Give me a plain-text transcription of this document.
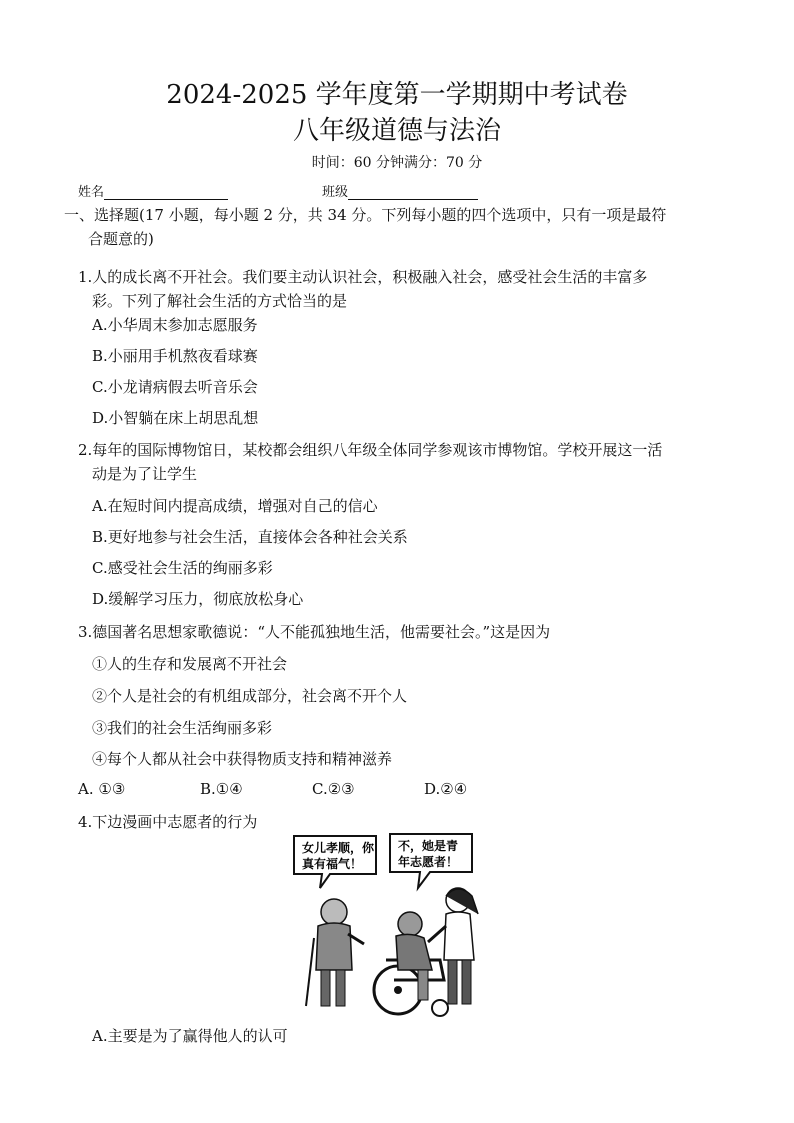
2024-2025 学年度第一学期期中考试卷
八年级道德与法治
时间：60 分钟满分：70 分
姓名	班级
一、选择题(17 小题，每小题 2 分，共 34 分。下列每小题的四个选项中，只有一项是最符
合题意的)
1.人的成长离不开社会。我们要主动认识社会，积极融入社会，感受社会生活的丰富多
彩。下列了解社会生活的方式恰当的是
A.小华周末参加志愿服务
B.小丽用手机熬夜看球赛
C.小龙请病假去听音乐会
D.小智躺在床上胡思乱想
2.每年的国际博物馆日，某校都会组织八年级全体同学参观该市博物馆。学校开展这一活
动是为了让学生
A.在短时间内提高成绩，增强对自己的信心
B.更好地参与社会生活，直接体会各种社会关系
C.感受社会生活的绚丽多彩
D.缓解学习压力，彻底放松身心
3.德国著名思想家歌德说：“人不能孤独地生活，他需要社会。”这是因为
①人的生存和发展离不开社会
②个人是社会的有机组成部分，社会离不开个人
③我们的社会生活绚丽多彩
④每个人都从社会中获得物质支持和精神滋养
A. ①③	B.①④	C.②③	D.②④
4.下边漫画中志愿者的行为
女儿孝顺，你
真有福气！
不，她是青
年志愿者！
A.主要是为了赢得他人的认可
